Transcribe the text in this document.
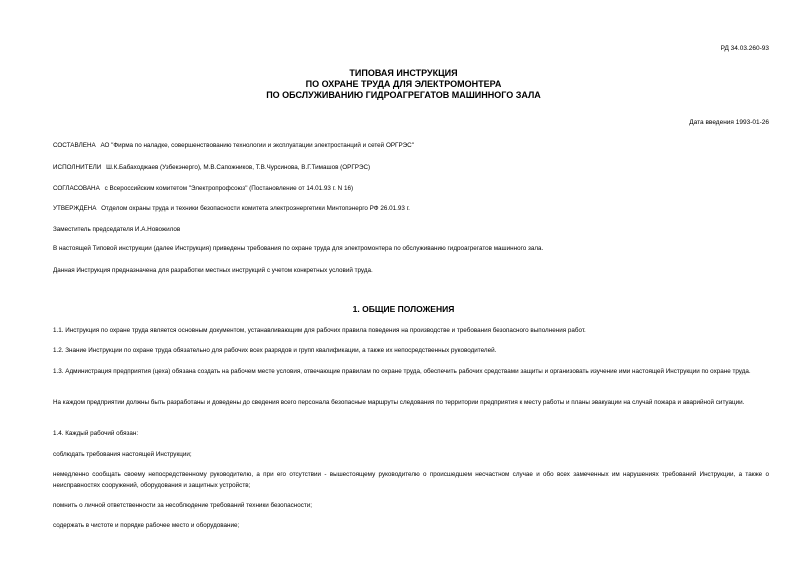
РД 34.03.260-93
ТИПОВАЯ ИНСТРУКЦИЯ
ПО ОХРАНЕ ТРУДА ДЛЯ ЭЛЕКТРОМОНТЕРА
ПО ОБСЛУЖИВАНИЮ ГИДРОАГРЕГАТОВ МАШИННОГО ЗАЛА
Дата введения 1993-01-26
СОСТАВЛЕНА АО "Фирма по наладке, совершенствованию технологии и эксплуатации электростанций и сетей ОРГРЭС"
ИСПОЛНИТЕЛИ Ш.К.Бабаходжаев (Узбекэнерго), М.В.Сапожников, Т.В.Чурсинова, В.Г.Тимашов (ОРГРЭС)
СОГЛАСОВАНА с Всероссийским комитетом "Электропрофсоюз" (Постановление от 14.01.93 г. N 16)
УТВЕРЖДЕНА Отделом охраны труда и техники безопасности комитета электроэнергетики Минтопэнерго РФ 26.01.93 г.
Заместитель председателя И.А.Новожилов
В настоящей Типовой инструкции (далее Инструкция) приведены требования по охране труда для электромонтера по обслуживанию гидроагрегатов машинного зала.
Данная Инструкция предназначена для разработки местных инструкций с учетом конкретных условий труда.
1. ОБЩИЕ ПОЛОЖЕНИЯ
1.1. Инструкция по охране труда является основным документом, устанавливающим для рабочих правила поведения на производстве и требования безопасного выполнения работ.
1.2. Знание Инструкции по охране труда обязательно для рабочих всех разрядов и групп квалификации, а также их непосредственных руководителей.
1.3. Администрация предприятия (цеха) обязана создать на рабочем месте условия, отвечающие правилам по охране труда, обеспечить рабочих средствами защиты и организовать изучение ими настоящей Инструкции по охране труда.
На каждом предприятии должны быть разработаны и доведены до сведения всего персонала безопасные маршруты следования по территории предприятия к месту работы и планы эвакуации на случай пожара и аварийной ситуации.
1.4. Каждый рабочий обязан:
соблюдать требования настоящей Инструкции;
немедленно сообщать своему непосредственному руководителю, а при его отсутствии - вышестоящему руководителю о происшедшем несчастном случае и обо всех замеченных им нарушениях требований Инструкции, а также о неисправностях сооружений, оборудования и защитных устройств;
помнить о личной ответственности за несоблюдение требований техники безопасности;
содержать в чистоте и порядке рабочее место и оборудование;
